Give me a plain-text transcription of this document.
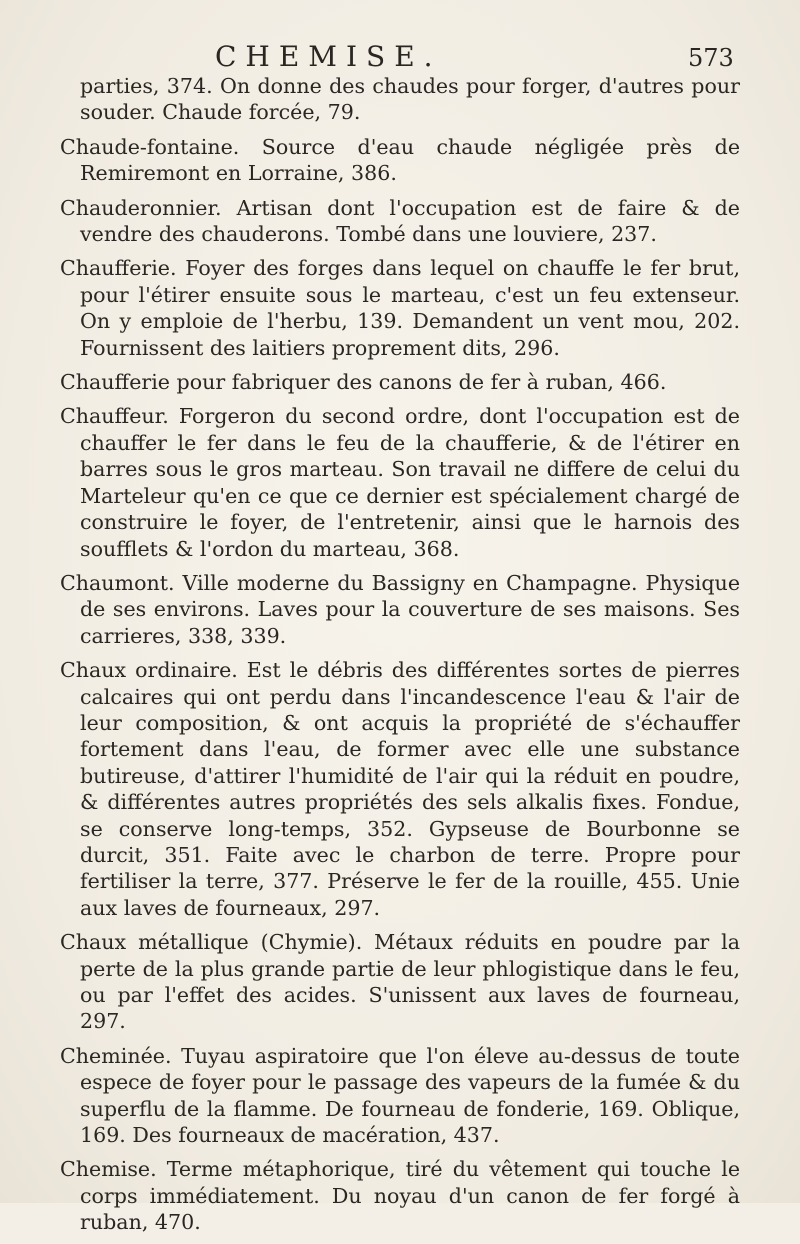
CHEMISE.	573

parties, 374. On donne des chaudes pour forger, d'autres pour souder. Chaude forcée, 79.

Chaude-fontaine. Source d'eau chaude négligée près de Remiremont en Lorraine, 386.

Chauderonnier. Artisan dont l'occupation est de faire & de vendre des chauderons. Tombé dans une louviere, 237.

Chaufferie. Foyer des forges dans lequel on chauffe le fer brut, pour l'étirer ensuite sous le marteau, c'est un feu extenseur. On y emploie de l'herbu, 139. Demandent un vent mou, 202. Fournissent des laitiers proprement dits, 296.

Chaufferie pour fabriquer des canons de fer à ruban, 466.

Chauffeur. Forgeron du second ordre, dont l'occupation est de chauffer le fer dans le feu de la chaufferie, & de l'étirer en barres sous le gros marteau. Son travail ne differe de celui du Marteleur qu'en ce que ce dernier est spécialement chargé de construire le foyer, de l'entretenir, ainsi que le harnois des soufflets & l'ordon du marteau, 368.

Chaumont. Ville moderne du Bassigny en Champagne. Physique de ses environs. Laves pour la couverture de ses maisons. Ses carrieres, 338, 339.

Chaux ordinaire. Est le débris des différentes sortes de pierres calcaires qui ont perdu dans l'incandescence l'eau & l'air de leur composition, & ont acquis la propriété de s'échauffer fortement dans l'eau, de former avec elle une substance butireuse, d'attirer l'humidité de l'air qui la réduit en poudre, & différentes autres propriétés des sels alkalis fixes. Fondue, se conserve long-temps, 352. Gypseuse de Bourbonne se durcit, 351. Faite avec le charbon de terre. Propre pour fertiliser la terre, 377. Préserve le fer de la rouille, 455. Unie aux laves de fourneaux, 297.

Chaux métallique (Chymie). Métaux réduits en poudre par la perte de la plus grande partie de leur phlogistique dans le feu, ou par l'effet des acides. S'unissent aux laves de fourneau, 297.

Cheminée. Tuyau aspiratoire que l'on éleve au-dessus de toute espece de foyer pour le passage des vapeurs de la fumée & du superflu de la flamme. De fourneau de fonderie, 169. Oblique, 169. Des fourneaux de macération, 437.

Chemise. Terme métaphorique, tiré du vêtement qui touche le corps immédiatement. Du noyau d'un canon de fer forgé à ruban, 470.
